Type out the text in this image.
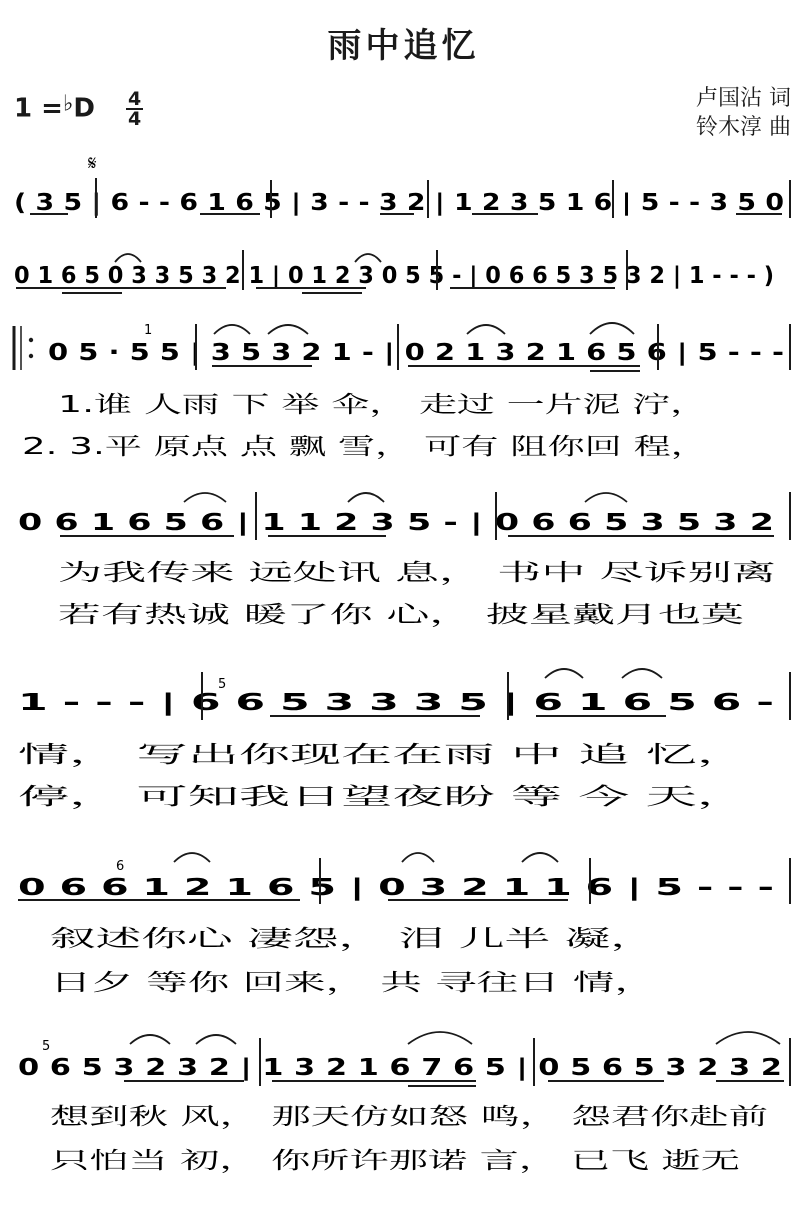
雨中追忆
$1 =^♭D \frac{4}{4}$	卢国沾 词
铃木淳 曲
𝄋
( 3 5 | 6 - - 6 1 6 5 | 3 - - 3 2 | 1 2 3 5 1 6 | 5 - - 3 5 0
0 1 6 5 0 3 3 5 3 2 1 | 0 1 2 3 0 5 5 - | 0 6 6 5 3 5 3 2 | 1 - - - )
0 5 · 5 5 | 3 5 3 2 1 - | 0 2 1 3 2 1 6 5 6 | 5 - - -
1
1.谁 人雨 下 举 伞， 走过 一片泥 泞，
2. 3.平 原点 点 飘 雪， 可有 阻你回 程，
0 6 1 6 5 6 | 1 1 2 3 5 - | 0 6 6 5 3 5 3 2
为我传来 远处讯 息， 书中 尽诉别离
若有热诚 暖了你 心， 披星戴月也莫
1 - - - | 6 6 5 3 3 3 5 | 6 1 6 5 6 -
5
情， 写出你现在在雨 中 追 忆，
停， 可知我日望夜盼 等 今 天，
0 6 6 1 2 1 6 5 | 0 3 2 1 1 6 | 5 - - -
6
叙述你心 凄怨， 泪 儿半 凝，
日夕 等你 回来， 共 寻往日 情，
0 6 5 3 2 3 2 | 1 3 2 1 6 7 6 5 | 0 5 6 5 3 2 3 2
5
想到秋 风， 那天仿如怒 鸣， 怨君你赴前
只怕当 初， 你所许那诺 言， 已飞 逝无
